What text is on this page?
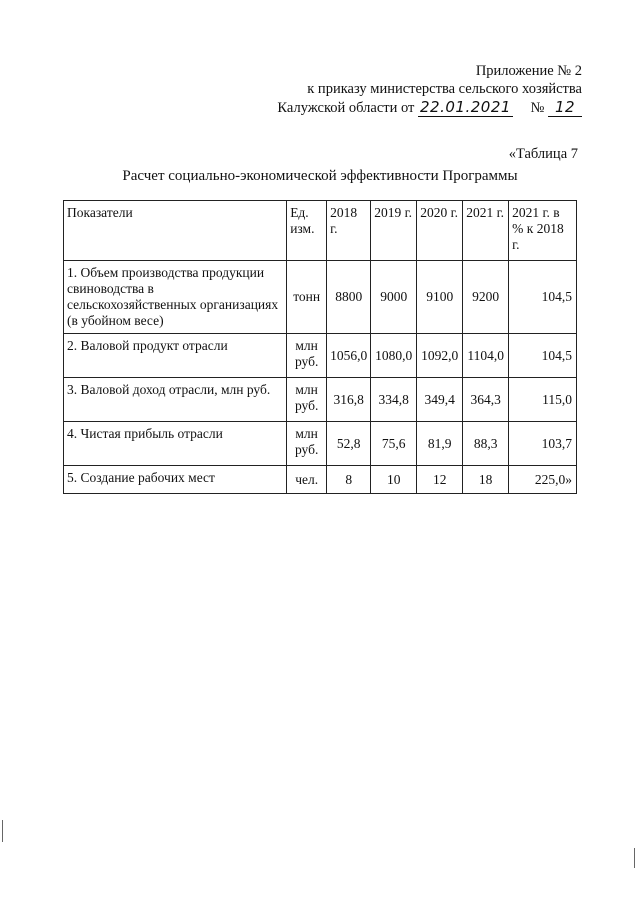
Приложение № 2
к приказу министерства сельского хозяйства
Калужской области от 22.01.2021 № 12
«Таблица 7
Расчет социально-экономической эффективности Программы
Показатели	Ед. изм.	2018 г.	2019 г.	2020 г.	2021 г.	2021 г. в % к 2018 г.
1. Объем производства продукции свиноводства в сельскохозяйственных организациях (в убойном весе)	тонн	8800	9000	9100	9200	104,5
2. Валовой продукт отрасли	млн руб.	1056,0	1080,0	1092,0	1104,0	104,5
3. Валовой доход отрасли, млн руб.	млн руб.	316,8	334,8	349,4	364,3	115,0
4. Чистая прибыль отрасли	млн руб.	52,8	75,6	81,9	88,3	103,7
5. Создание рабочих мест	чел.	8	10	12	18	225,0»
